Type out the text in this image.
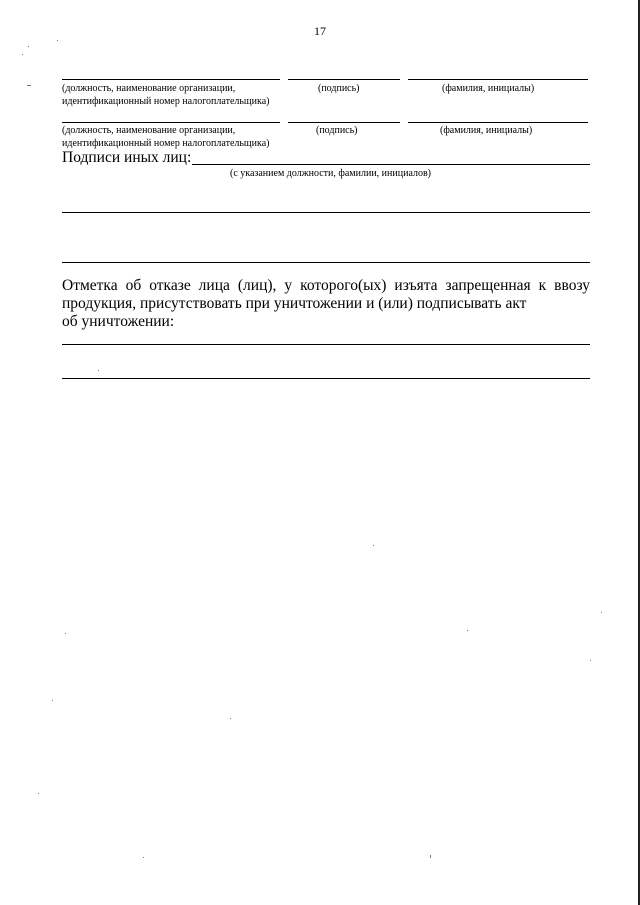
17
(должность, наименование организации,
идентификационный номер налогоплательщика)
(подпись)	(фамилия, инициалы)
(должность, наименование организации,
идентификационный номер налогоплательщика)
(подпись)	(фамилия, инициалы)
Подписи иных лиц:
(с указанием должности, фамилии, инициалов)
Отметка об отказе лица (лиц), у которого(ых) изъята запрещенная к ввозу продукция, присутствовать при уничтожении и (или) подписывать акт
об уничтожении:
